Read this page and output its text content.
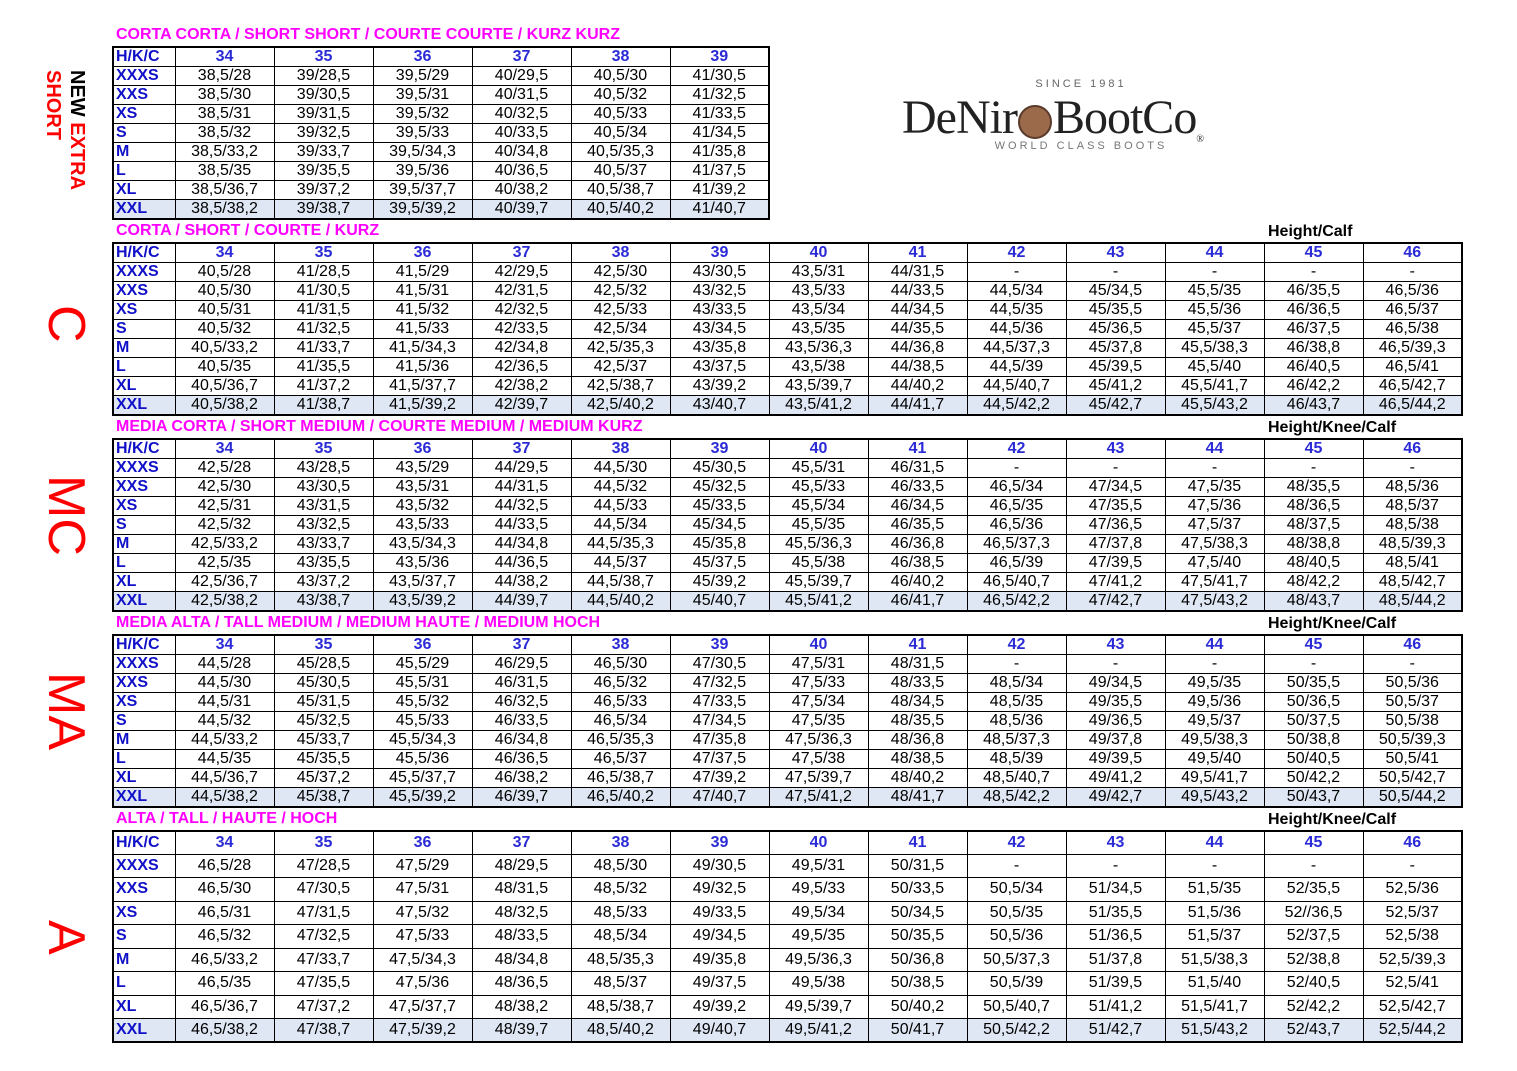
SINCE 1981
DeNir BootCo®
WORLD CLASS BOOTS
NEW EXTRA
SHORT
CORTA CORTA / SHORT SHORT / COURTE COURTE / KURZ KURZ
H/K/C	34	35	36	37	38	39
XXXS	38,5/28	39/28,5	39,5/29	40/29,5	40,5/30	41/30,5
XXS	38,5/30	39/30,5	39,5/31	40/31,5	40,5/32	41/32,5
XS	38,5/31	39/31,5	39,5/32	40/32,5	40,5/33	41/33,5
S	38,5/32	39/32,5	39,5/33	40/33,5	40,5/34	41/34,5
M	38,5/33,2	39/33,7	39,5/34,3	40/34,8	40,5/35,3	41/35,8
L	38,5/35	39/35,5	39,5/36	40/36,5	40,5/37	41/37,5
XL	38,5/36,7	39/37,2	39,5/37,7	40/38,2	40,5/38,7	41/39,2
XXL	38,5/38,2	39/38,7	39,5/39,2	40/39,7	40,5/40,2	41/40,7
CORTA / SHORT / COURTE / KURZ	Height/Calf
C
H/K/C	34	35	36	37	38	39	40	41	42	43	44	45	46
XXXS	40,5/28	41/28,5	41,5/29	42/29,5	42,5/30	43/30,5	43,5/31	44/31,5	-	-	-	-	-
XXS	40,5/30	41/30,5	41,5/31	42/31,5	42,5/32	43/32,5	43,5/33	44/33,5	44,5/34	45/34,5	45,5/35	46/35,5	46,5/36
XS	40,5/31	41/31,5	41,5/32	42/32,5	42,5/33	43/33,5	43,5/34	44/34,5	44,5/35	45/35,5	45,5/36	46/36,5	46,5/37
S	40,5/32	41/32,5	41,5/33	42/33,5	42,5/34	43/34,5	43,5/35	44/35,5	44,5/36	45/36,5	45,5/37	46/37,5	46,5/38
M	40,5/33,2	41/33,7	41,5/34,3	42/34,8	42,5/35,3	43/35,8	43,5/36,3	44/36,8	44,5/37,3	45/37,8	45,5/38,3	46/38,8	46,5/39,3
L	40,5/35	41/35,5	41,5/36	42/36,5	42,5/37	43/37,5	43,5/38	44/38,5	44,5/39	45/39,5	45,5/40	46/40,5	46,5/41
XL	40,5/36,7	41/37,2	41,5/37,7	42/38,2	42,5/38,7	43/39,2	43,5/39,7	44/40,2	44,5/40,7	45/41,2	45,5/41,7	46/42,2	46,5/42,7
XXL	40,5/38,2	41/38,7	41,5/39,2	42/39,7	42,5/40,2	43/40,7	43,5/41,2	44/41,7	44,5/42,2	45/42,7	45,5/43,2	46/43,7	46,5/44,2
MEDIA CORTA / SHORT MEDIUM / COURTE MEDIUM / MEDIUM KURZ	Height/Knee/Calf
MC
H/K/C	34	35	36	37	38	39	40	41	42	43	44	45	46
XXXS	42,5/28	43/28,5	43,5/29	44/29,5	44,5/30	45/30,5	45,5/31	46/31,5	-	-	-	-	-
XXS	42,5/30	43/30,5	43,5/31	44/31,5	44,5/32	45/32,5	45,5/33	46/33,5	46,5/34	47/34,5	47,5/35	48/35,5	48,5/36
XS	42,5/31	43/31,5	43,5/32	44/32,5	44,5/33	45/33,5	45,5/34	46/34,5	46,5/35	47/35,5	47,5/36	48/36,5	48,5/37
S	42,5/32	43/32,5	43,5/33	44/33,5	44,5/34	45/34,5	45,5/35	46/35,5	46,5/36	47/36,5	47,5/37	48/37,5	48,5/38
M	42,5/33,2	43/33,7	43,5/34,3	44/34,8	44,5/35,3	45/35,8	45,5/36,3	46/36,8	46,5/37,3	47/37,8	47,5/38,3	48/38,8	48,5/39,3
L	42,5/35	43/35,5	43,5/36	44/36,5	44,5/37	45/37,5	45,5/38	46/38,5	46,5/39	47/39,5	47,5/40	48/40,5	48,5/41
XL	42,5/36,7	43/37,2	43,5/37,7	44/38,2	44,5/38,7	45/39,2	45,5/39,7	46/40,2	46,5/40,7	47/41,2	47,5/41,7	48/42,2	48,5/42,7
XXL	42,5/38,2	43/38,7	43,5/39,2	44/39,7	44,5/40,2	45/40,7	45,5/41,2	46/41,7	46,5/42,2	47/42,7	47,5/43,2	48/43,7	48,5/44,2
MEDIA ALTA / TALL MEDIUM / MEDIUM HAUTE / MEDIUM HOCH	Height/Knee/Calf
MA
H/K/C	34	35	36	37	38	39	40	41	42	43	44	45	46
XXXS	44,5/28	45/28,5	45,5/29	46/29,5	46,5/30	47/30,5	47,5/31	48/31,5	-	-	-	-	-
XXS	44,5/30	45/30,5	45,5/31	46/31,5	46,5/32	47/32,5	47,5/33	48/33,5	48,5/34	49/34,5	49,5/35	50/35,5	50,5/36
XS	44,5/31	45/31,5	45,5/32	46/32,5	46,5/33	47/33,5	47,5/34	48/34,5	48,5/35	49/35,5	49,5/36	50/36,5	50,5/37
S	44,5/32	45/32,5	45,5/33	46/33,5	46,5/34	47/34,5	47,5/35	48/35,5	48,5/36	49/36,5	49,5/37	50/37,5	50,5/38
M	44,5/33,2	45/33,7	45,5/34,3	46/34,8	46,5/35,3	47/35,8	47,5/36,3	48/36,8	48,5/37,3	49/37,8	49,5/38,3	50/38,8	50,5/39,3
L	44,5/35	45/35,5	45,5/36	46/36,5	46,5/37	47/37,5	47,5/38	48/38,5	48,5/39	49/39,5	49,5/40	50/40,5	50,5/41
XL	44,5/36,7	45/37,2	45,5/37,7	46/38,2	46,5/38,7	47/39,2	47,5/39,7	48/40,2	48,5/40,7	49/41,2	49,5/41,7	50/42,2	50,5/42,7
XXL	44,5/38,2	45/38,7	45,5/39,2	46/39,7	46,5/40,2	47/40,7	47,5/41,2	48/41,7	48,5/42,2	49/42,7	49,5/43,2	50/43,7	50,5/44,2
ALTA / TALL / HAUTE / HOCH	Height/Knee/Calf
A
H/K/C	34	35	36	37	38	39	40	41	42	43	44	45	46
XXXS	46,5/28	47/28,5	47,5/29	48/29,5	48,5/30	49/30,5	49,5/31	50/31,5	-	-	-	-	-
XXS	46,5/30	47/30,5	47,5/31	48/31,5	48,5/32	49/32,5	49,5/33	50/33,5	50,5/34	51/34,5	51,5/35	52/35,5	52,5/36
XS	46,5/31	47/31,5	47,5/32	48/32,5	48,5/33	49/33,5	49,5/34	50/34,5	50,5/35	51/35,5	51,5/36	52//36,5	52,5/37
S	46,5/32	47/32,5	47,5/33	48/33,5	48,5/34	49/34,5	49,5/35	50/35,5	50,5/36	51/36,5	51,5/37	52/37,5	52,5/38
M	46,5/33,2	47/33,7	47,5/34,3	48/34,8	48,5/35,3	49/35,8	49,5/36,3	50/36,8	50,5/37,3	51/37,8	51,5/38,3	52/38,8	52,5/39,3
L	46,5/35	47/35,5	47,5/36	48/36,5	48,5/37	49/37,5	49,5/38	50/38,5	50,5/39	51/39,5	51,5/40	52/40,5	52,5/41
XL	46,5/36,7	47/37,2	47,5/37,7	48/38,2	48,5/38,7	49/39,2	49,5/39,7	50/40,2	50,5/40,7	51/41,2	51,5/41,7	52/42,2	52,5/42,7
XXL	46,5/38,2	47/38,7	47,5/39,2	48/39,7	48,5/40,2	49/40,7	49,5/41,2	50/41,7	50,5/42,2	51/42,7	51,5/43,2	52/43,7	52,5/44,2
